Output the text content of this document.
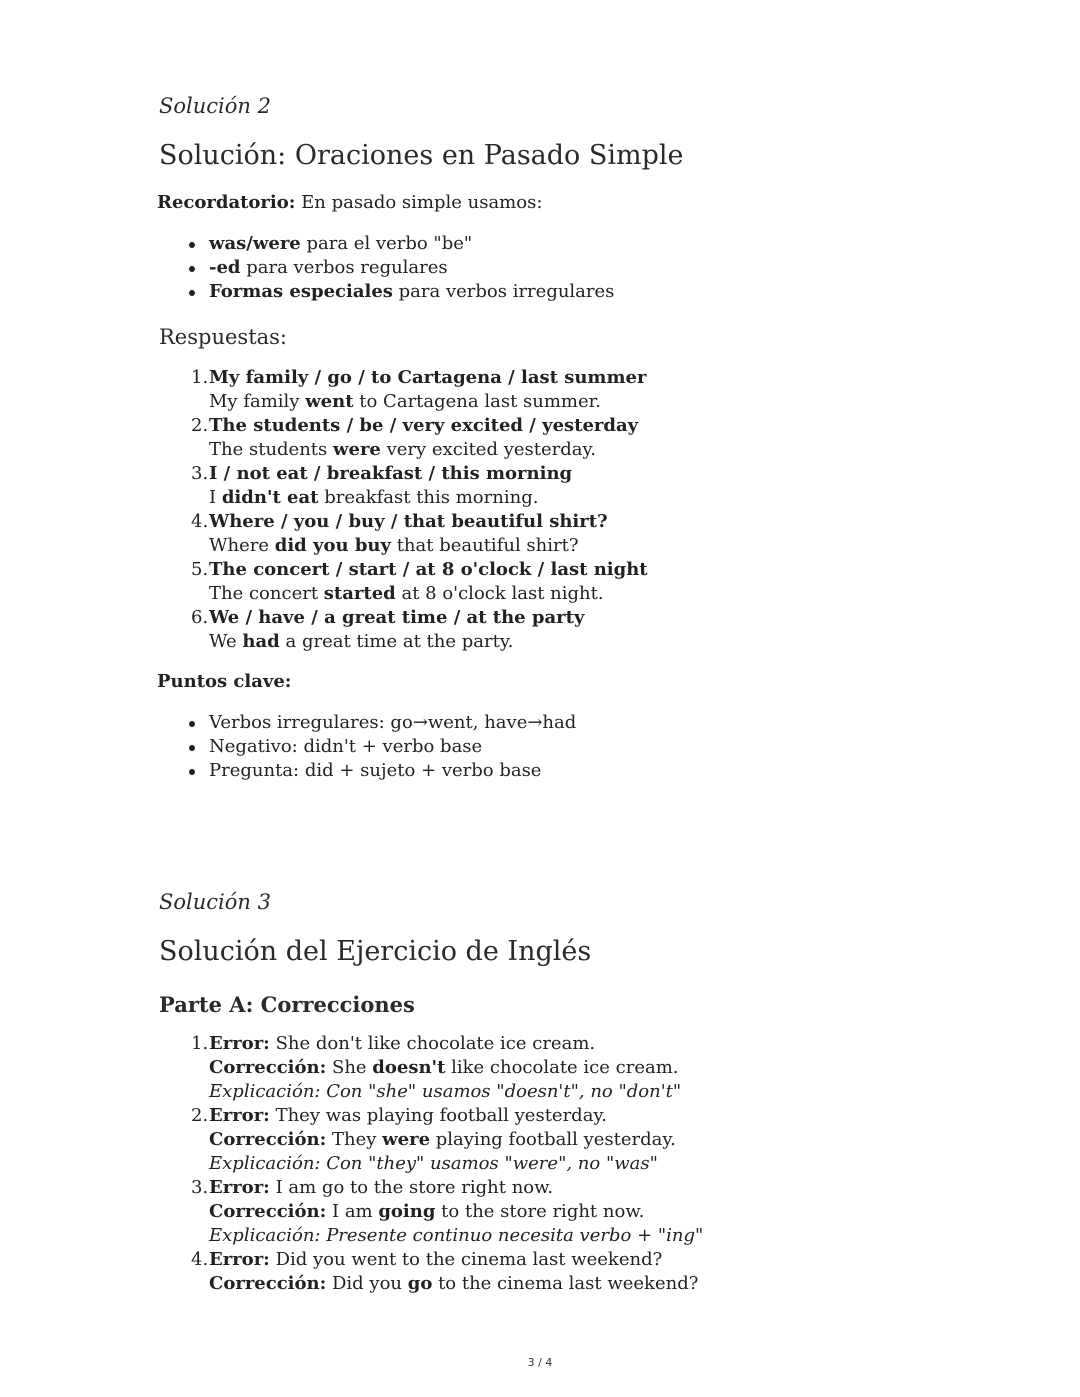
Solución 2
Solución: Oraciones en Pasado Simple
Recordatorio: En pasado simple usamos:
was/were para el verbo "be"
-ed para verbos regulares
Formas especiales para verbos irregulares
Respuestas:
1. My family / go / to Cartagena / last summer
My family went to Cartagena last summer.
2. The students / be / very excited / yesterday
The students were very excited yesterday.
3. I / not eat / breakfast / this morning
I didn't eat breakfast this morning.
4. Where / you / buy / that beautiful shirt?
Where did you buy that beautiful shirt?
5. The concert / start / at 8 o'clock / last night
The concert started at 8 o'clock last night.
6. We / have / a great time / at the party
We had a great time at the party.
Puntos clave:
Verbos irregulares: go→went, have→had
Negativo: didn't + verbo base
Pregunta: did + sujeto + verbo base
Solución 3
Solución del Ejercicio de Inglés
Parte A: Correcciones
1. Error: She don't like chocolate ice cream.
Corrección: She doesn't like chocolate ice cream.
Explicación: Con "she" usamos "doesn't", no "don't"
2. Error: They was playing football yesterday.
Corrección: They were playing football yesterday.
Explicación: Con "they" usamos "were", no "was"
3. Error: I am go to the store right now.
Corrección: I am going to the store right now.
Explicación: Presente continuo necesita verbo + "ing"
4. Error: Did you went to the cinema last weekend?
Corrección: Did you go to the cinema last weekend?
3 / 4
